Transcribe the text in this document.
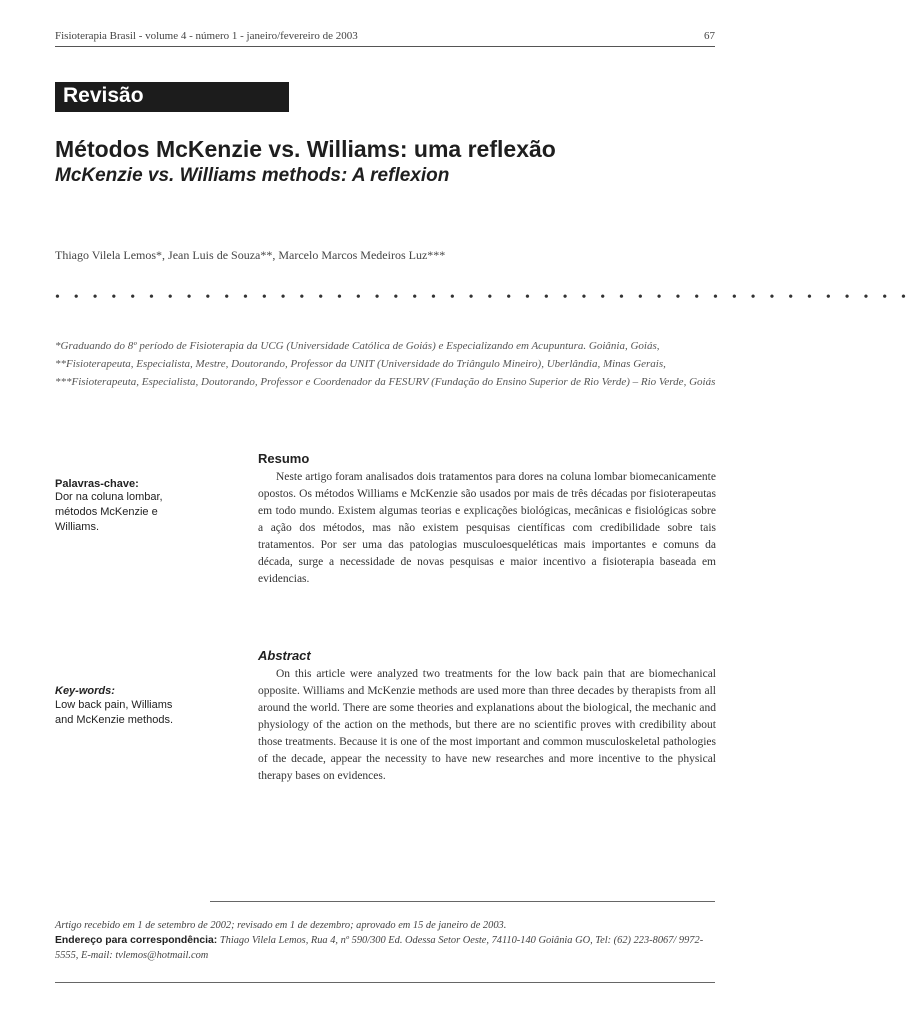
Fisioterapia Brasil - volume 4 - número 1 - janeiro/fevereiro de 2003	67
Revisão
Métodos McKenzie vs. Williams: uma reflexão
McKenzie vs. Williams methods: A reflexion
Thiago Vilela Lemos*, Jean Luis de Souza**, Marcelo Marcos Medeiros Luz***
• • • • • • • • • • • • • • • • • • • • • • • • • • • • • • • • • • • • • • • • • • • • • •
*Graduando do 8º período de Fisioterapia da UCG (Universidade Católica de Goiás) e Especializando em Acupuntura. Goiânia, Goiás,
**Fisioterapeuta, Especialista, Mestre, Doutorando, Professor da UNIT (Universidade do Triângulo Mineiro), Uberlândia, Minas Gerais,
***Fisioterapeuta, Especialista, Doutorando, Professor e Coordenador da FESURV (Fundação do Ensino Superior de Rio Verde) – Rio Verde, Goiás
Resumo
Palavras-chave:
Dor na coluna lombar, métodos McKenzie e Williams.
Neste artigo foram analisados dois tratamentos para dores na coluna lombar biomecanicamente opostos. Os métodos Williams e McKenzie são usados por mais de três décadas por fisioterapeutas em todo mundo. Existem algumas teorias e explicações biológicas, mecânicas e fisiológicas sobre a ação dos métodos, mas não existem pesquisas científicas com credibilidade sobre tais tratamentos. Por ser uma das patologias musculoesqueléticas mais importantes e comuns da década, surge a necessidade de novas pesquisas e maior incentivo a fisioterapia baseada em evidencias.
Abstract
Key-words:
Low back pain, Williams and McKenzie methods.
On this article were analyzed two treatments for the low back pain that are biomechanical opposite. Williams and McKenzie methods are used more than three decades by therapists from all around the world. There are some theories and explanations about the biological, the mechanic and physiology of the action on the methods, but there are no scientific proves with credibility about those treatments. Because it is one of the most important and common musculoskeletal pathologies of the decade, appear the necessity to have new researches and more incentive to the physical therapy bases on evidences.
Artigo recebido em 1 de setembro de 2002; revisado em 1 de dezembro; aprovado em 15 de janeiro de 2003.
Endereço para correspondência: Thiago Vilela Lemos, Rua 4, nº 590/300 Ed. Odessa Setor Oeste, 74110-140 Goiânia GO, Tel: (62) 223-8067/ 9972-5555, E-mail: tvlemos@hotmail.com
